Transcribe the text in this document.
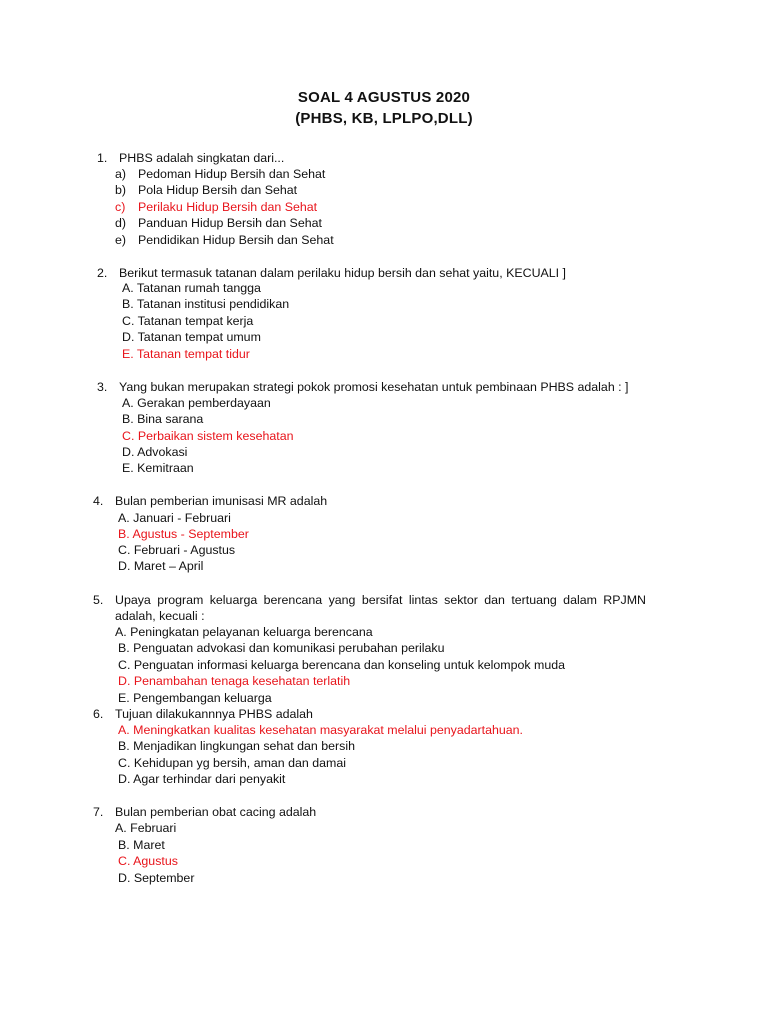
SOAL 4 AGUSTUS 2020
(PHBS, KB, LPLPO,DLL)
1. PHBS adalah singkatan dari...
a) Pedoman Hidup Bersih dan Sehat
b) Pola Hidup Bersih dan Sehat
c) Perilaku Hidup Bersih dan Sehat
d) Panduan Hidup Bersih dan Sehat
e) Pendidikan Hidup Bersih dan Sehat
2. Berikut termasuk tatanan dalam perilaku hidup bersih dan sehat yaitu, KECUALI ]
A. Tatanan rumah tangga
B. Tatanan institusi pendidikan
C. Tatanan tempat kerja
D. Tatanan tempat umum
E. Tatanan tempat tidur
3. Yang bukan merupakan strategi pokok promosi kesehatan untuk pembinaan PHBS adalah : ]
A. Gerakan pemberdayaan
B. Bina sarana
C. Perbaikan sistem kesehatan
D. Advokasi
E. Kemitraan
4. Bulan pemberian imunisasi MR adalah
A. Januari - Februari
B. Agustus - September
C. Februari - Agustus
D. Maret – April
5. Upaya program keluarga berencana yang bersifat lintas sektor dan tertuang dalam RPJMN
adalah, kecuali :
A. Peningkatan pelayanan keluarga berencana
B. Penguatan advokasi dan komunikasi perubahan perilaku
C. Penguatan informasi keluarga berencana dan konseling untuk kelompok muda
D. Penambahan tenaga kesehatan terlatih
E. Pengembangan keluarga
6. Tujuan dilakukannnya PHBS adalah
A. Meningkatkan kualitas kesehatan masyarakat melalui penyadartahuan.
B. Menjadikan lingkungan sehat dan bersih
C. Kehidupan yg bersih, aman dan damai
D. Agar terhindar dari penyakit
7. Bulan pemberian obat cacing adalah
A. Februari
B. Maret
C. Agustus
D. September
